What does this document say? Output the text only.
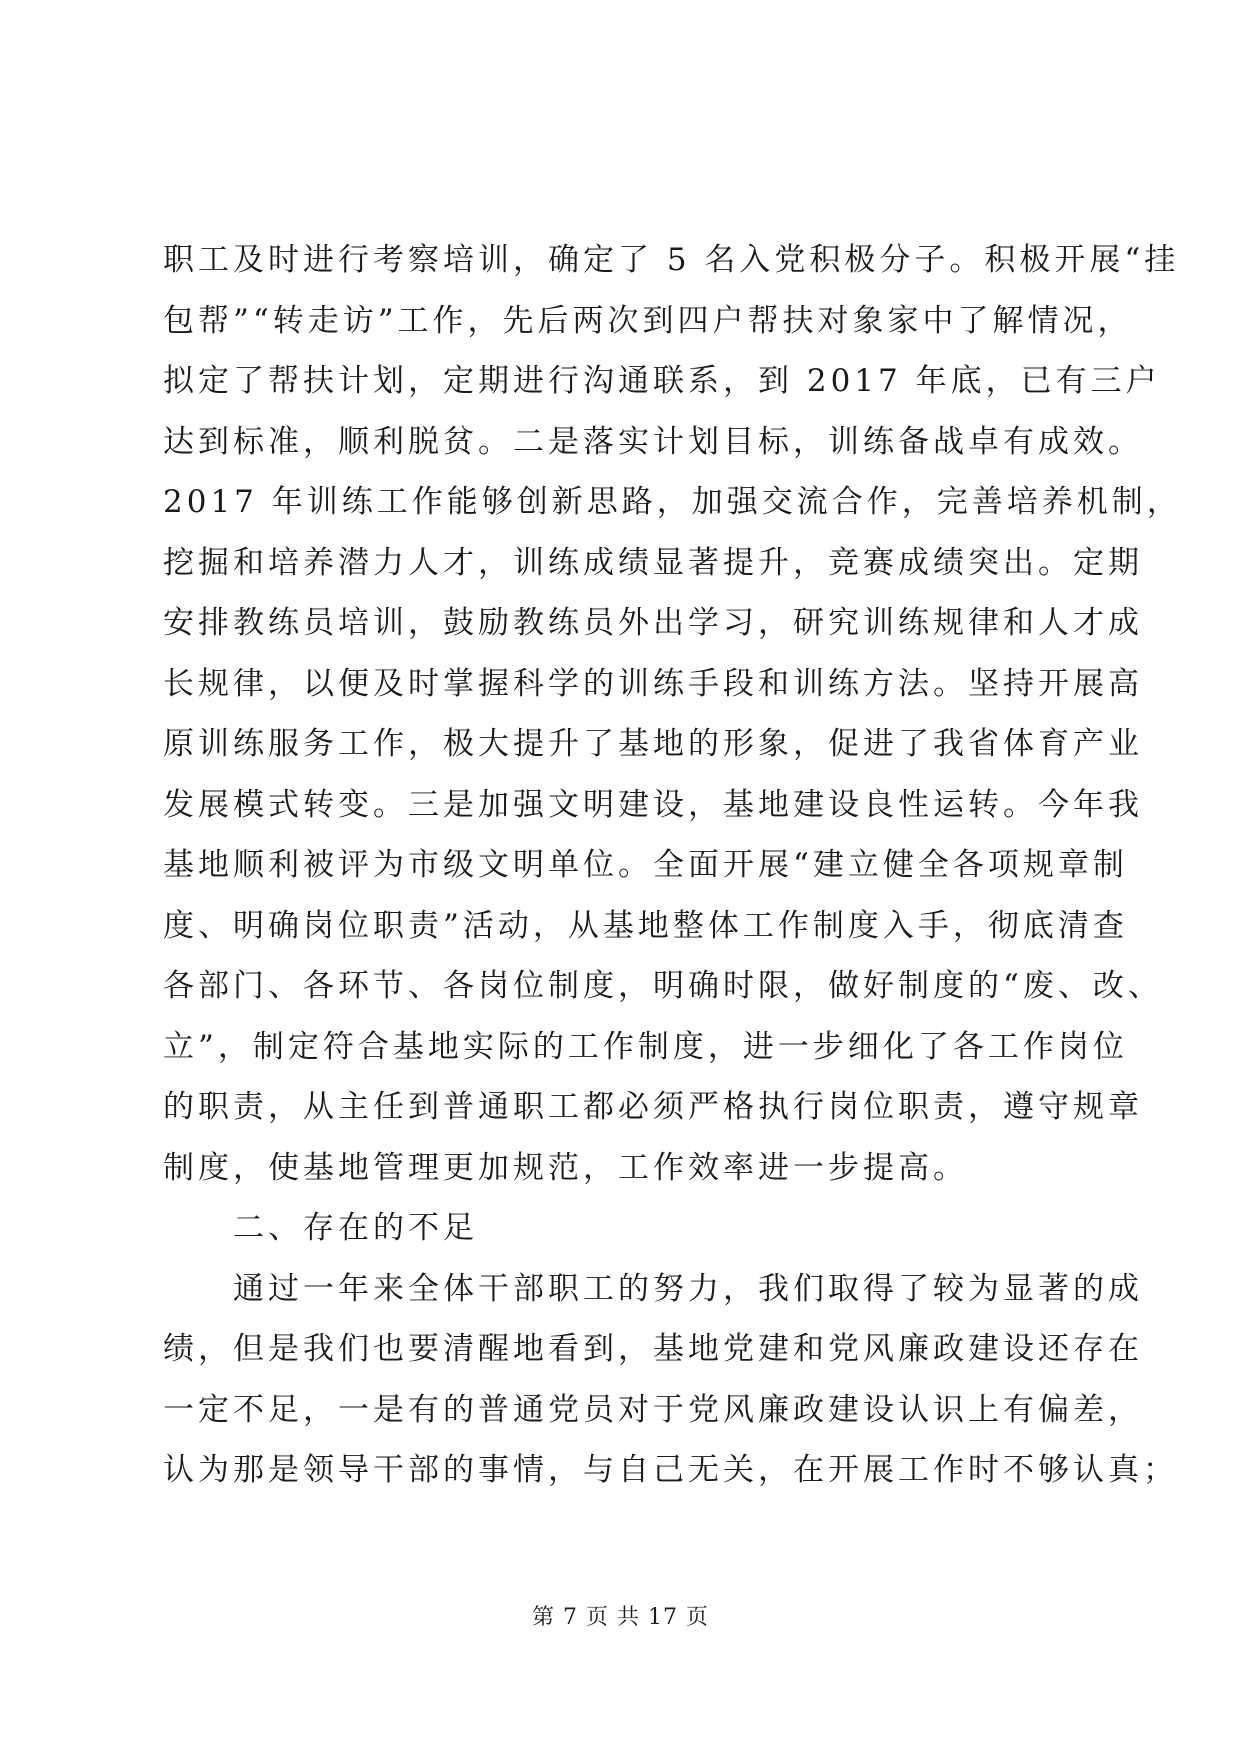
职工及时进行考察培训，确定了 5 名入党积极分子。积极开展“挂
包帮”“转走访”工作，先后两次到四户帮扶对象家中了解情况，
拟定了帮扶计划，定期进行沟通联系，到 2017 年底，已有三户
达到标准，顺利脱贫。二是落实计划目标，训练备战卓有成效。
2017 年训练工作能够创新思路，加强交流合作，完善培养机制，
挖掘和培养潜力人才，训练成绩显著提升，竞赛成绩突出。定期
安排教练员培训，鼓励教练员外出学习，研究训练规律和人才成
长规律，以便及时掌握科学的训练手段和训练方法。坚持开展高
原训练服务工作，极大提升了基地的形象，促进了我省体育产业
发展模式转变。三是加强文明建设，基地建设良性运转。今年我
基地顺利被评为市级文明单位。全面开展“建立健全各项规章制
度、明确岗位职责”活动，从基地整体工作制度入手，彻底清查
各部门、各环节、各岗位制度，明确时限，做好制度的“废、改、
立”，制定符合基地实际的工作制度，进一步细化了各工作岗位
的职责，从主任到普通职工都必须严格执行岗位职责，遵守规章
制度，使基地管理更加规范，工作效率进一步提高。
二、存在的不足
通过一年来全体干部职工的努力，我们取得了较为显著的成
绩，但是我们也要清醒地看到，基地党建和党风廉政建设还存在
一定不足，一是有的普通党员对于党风廉政建设认识上有偏差，
认为那是领导干部的事情，与自己无关，在开展工作时不够认真；
第 7 页 共 17 页
